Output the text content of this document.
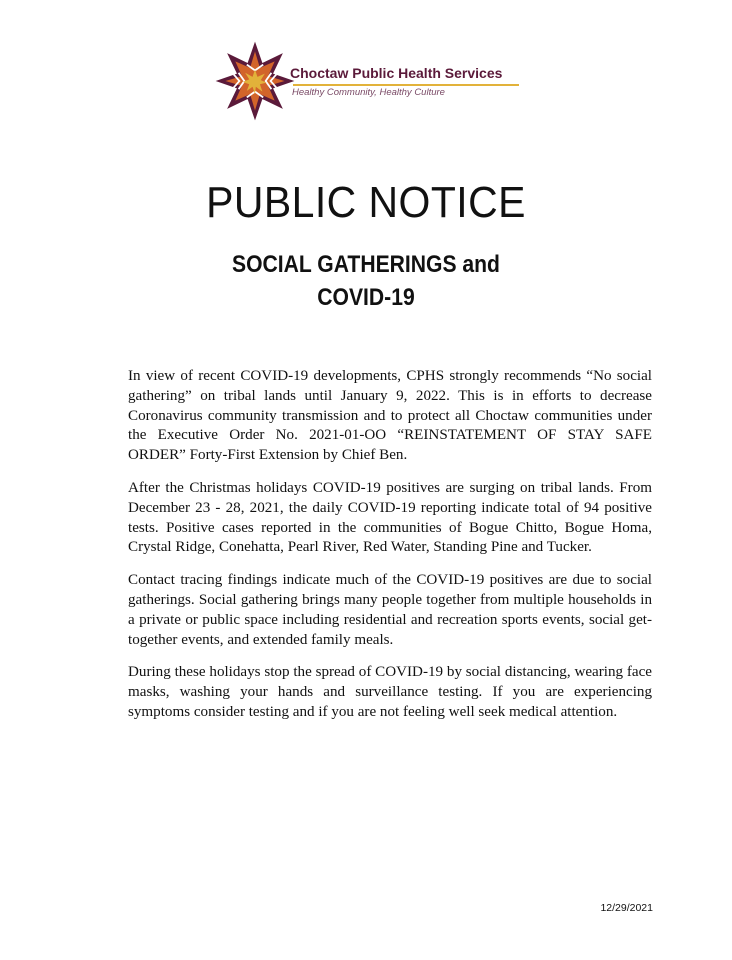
Choctaw Public Health Services
Healthy Community, Healthy Culture
PUBLIC NOTICE
SOCIAL GATHERINGS and
COVID-19

In view of recent COVID-19 developments, CPHS strongly recommends “No social gathering” on tribal lands until January 9, 2022. This is in efforts to decrease Coronavirus community transmission and to protect all Choctaw communities under the Executive Order No. 2021-01-OO “REINSTATEMENT OF STAY SAFE ORDER” Forty-First Extension by Chief Ben.

After the Christmas holidays COVID-19 positives are surging on tribal lands. From December 23 - 28, 2021, the daily COVID-19 reporting indicate total of 94 positive tests. Positive cases reported in the communities of Bogue Chitto, Bogue Homa, Crystal Ridge, Conehatta, Pearl River, Red Water, Standing Pine and Tucker.

Contact tracing findings indicate much of the COVID-19 positives are due to social gatherings. Social gathering brings many people together from multiple households in a private or public space including residential and recreation sports events, social get-together events, and extended family meals.

During these holidays stop the spread of COVID-19 by social distancing, wearing face masks, washing your hands and surveillance testing. If you are experiencing symptoms consider testing and if you are not feeling well seek medical attention.

12/29/2021
